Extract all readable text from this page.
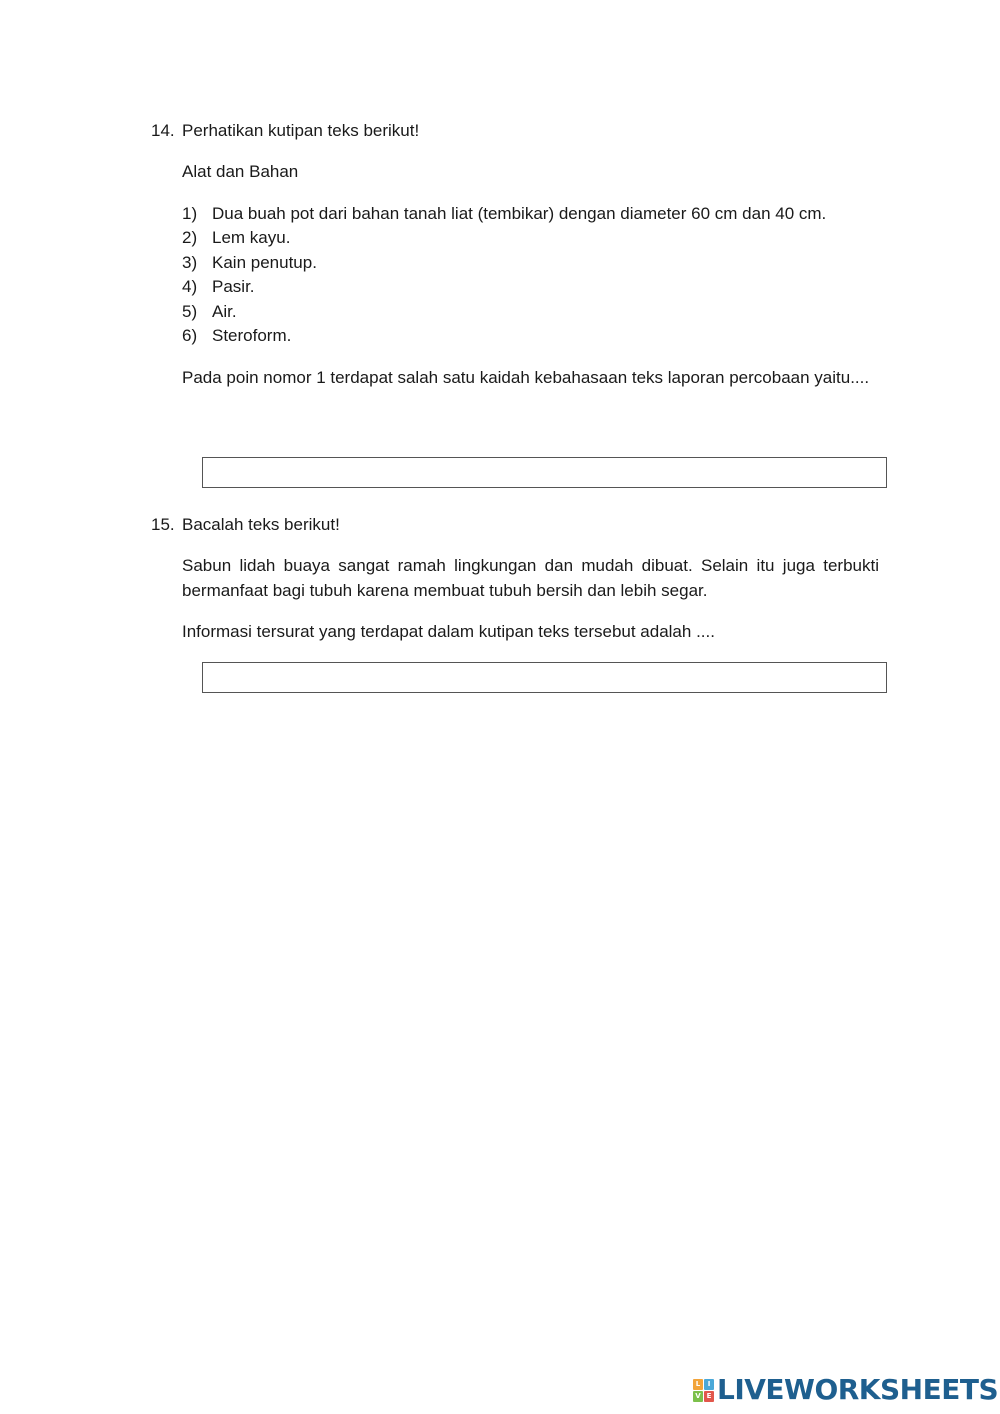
14. Perhatikan kutipan teks berikut!

Alat dan Bahan

1) Dua buah pot dari bahan tanah liat (tembikar) dengan diameter 60 cm dan 40 cm.
2) Lem kayu.
3) Kain penutup.
4) Pasir.
5) Air.
6) Steroform.

Pada poin nomor 1 terdapat salah satu kaidah kebahasaan teks laporan percobaan yaitu....

15. Bacalah teks berikut!

Sabun lidah buaya sangat ramah lingkungan dan mudah dibuat. Selain itu juga terbukti bermanfaat bagi tubuh karena membuat tubuh bersih dan lebih segar.

Informasi tersurat yang terdapat dalam kutipan teks tersebut adalah ....

L	I
V E LIVEWORKSHEETS
